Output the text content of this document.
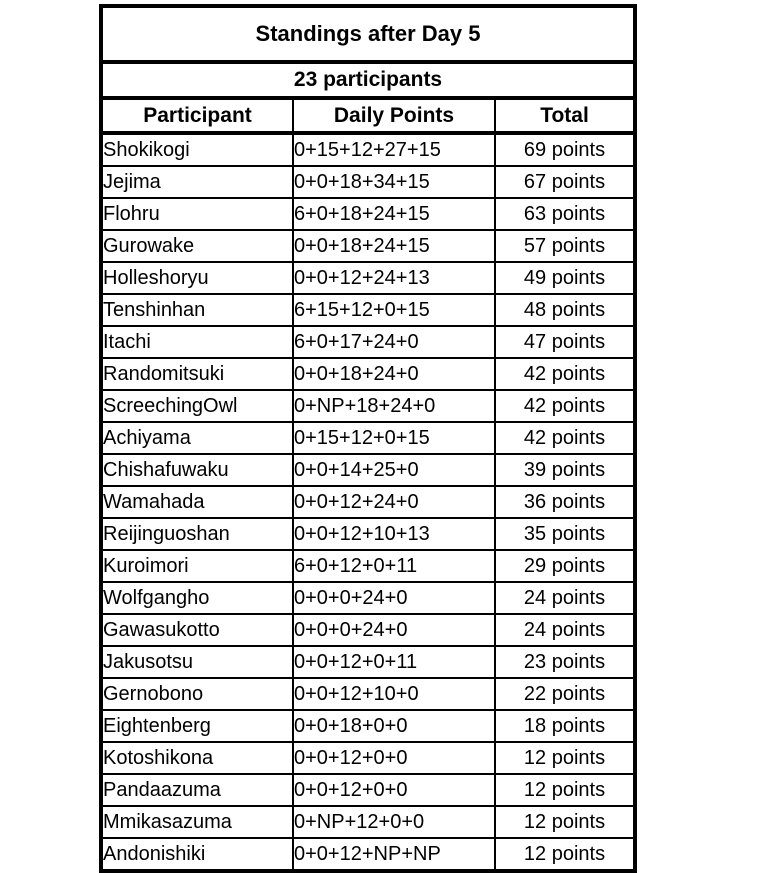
Standings after Day 5		
23 participants		
Participant	Daily Points	Total
Shokikogi	0+15+12+27+15	69 points
Jejima	0+0+18+34+15	67 points
Flohru	6+0+18+24+15	63 points
Gurowake	0+0+18+24+15	57 points
Holleshoryu	0+0+12+24+13	49 points
Tenshinhan	6+15+12+0+15	48 points
Itachi	6+0+17+24+0	47 points
Randomitsuki	0+0+18+24+0	42 points
ScreechingOwl	0+NP+18+24+0	42 points
Achiyama	0+15+12+0+15	42 points
Chishafuwaku	0+0+14+25+0	39 points
Wamahada	0+0+12+24+0	36 points
Reijinguoshan	0+0+12+10+13	35 points
Kuroimori	6+0+12+0+11	29 points
Wolfgangho	0+0+0+24+0	24 points
Gawasukotto	0+0+0+24+0	24 points
Jakusotsu	0+0+12+0+11	23 points
Gernobono	0+0+12+10+0	22 points
Eightenberg	0+0+18+0+0	18 points
Kotoshikona	0+0+12+0+0	12 points
Pandaazuma	0+0+12+0+0	12 points
Mmikasazuma	0+NP+12+0+0	12 points
Andonishiki	0+0+12+NP+NP	12 points
